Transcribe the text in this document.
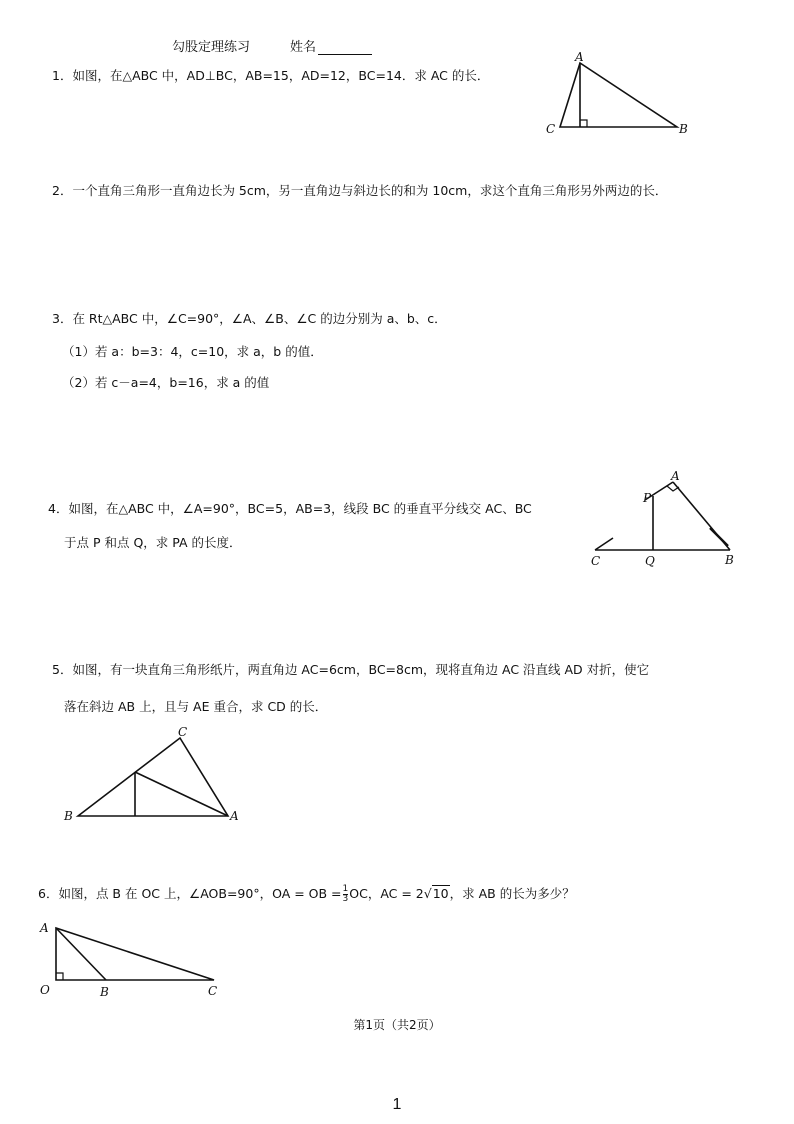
勾股定理练习	姓名
1．如图，在△ABC 中，AD⊥BC，AB=15，AD=12，BC=14．求 AC 的长．
A
C	B
2．一个直角三角形一直角边长为 5cm，另一直角边与斜边长的和为 10cm，求这个直角三角形另外两边的长．
3．在 Rt△ABC 中，∠C=90°，∠A、∠B、∠C 的边分别为 a、b、c．
（1）若 a：b=3：4，c=10，求 a，b 的值．
（2）若 c－a=4，b=16，求 a 的值
4．如图，在△ABC 中，∠A=90°，BC=5，AB=3，线段 BC 的垂直平分线交 AC、BC
于点 P 和点 Q，求 PA 的长度．
A
P
C	Q	B
5．如图，有一块直角三角形纸片，两直角边 AC=6cm，BC=8cm，现将直角边 AC 沿直线 AD 对折，使它
落在斜边 AB 上，且与 AE 重合，求 CD 的长．
C
B	A
6．如图，点 B 在 OC 上，∠AOB=90°，OA = OB = $\frac{1}{3}$ OC，AC = 2√10，求 AB 的长为多少？
A
O	B	C
第1页（共2页）
1
